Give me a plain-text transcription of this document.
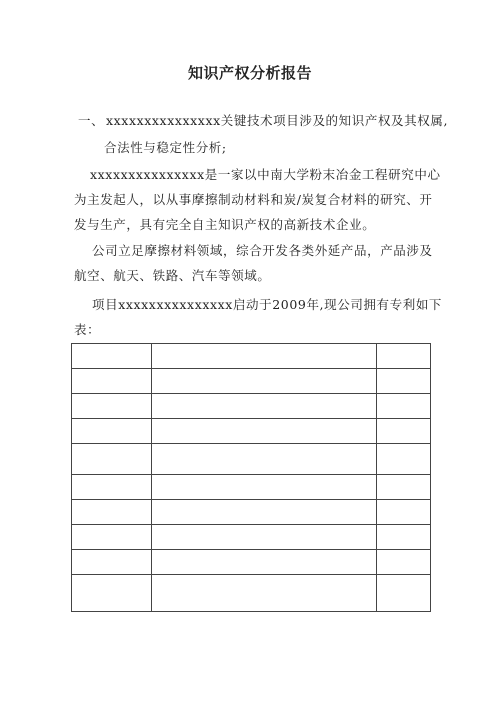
知识产权分析报告
一、 xxxxxxxxxxxxxxx关键技术项目涉及的知识产权及其权属,
合法性与稳定性分析;
xxxxxxxxxxxxxxx是一家以中南大学粉末冶金工程研究中心
为主发起人，以从事摩擦制动材料和炭/炭复合材料的研究、开
发与生产，具有完全自主知识产权的高新技术企业。
公司立足摩擦材料领域，综合开发各类外延产品，产品涉及
航空、航天、铁路、汽车等领域。
项目xxxxxxxxxxxxxxx启动于2009年,现公司拥有专利如下
表：
